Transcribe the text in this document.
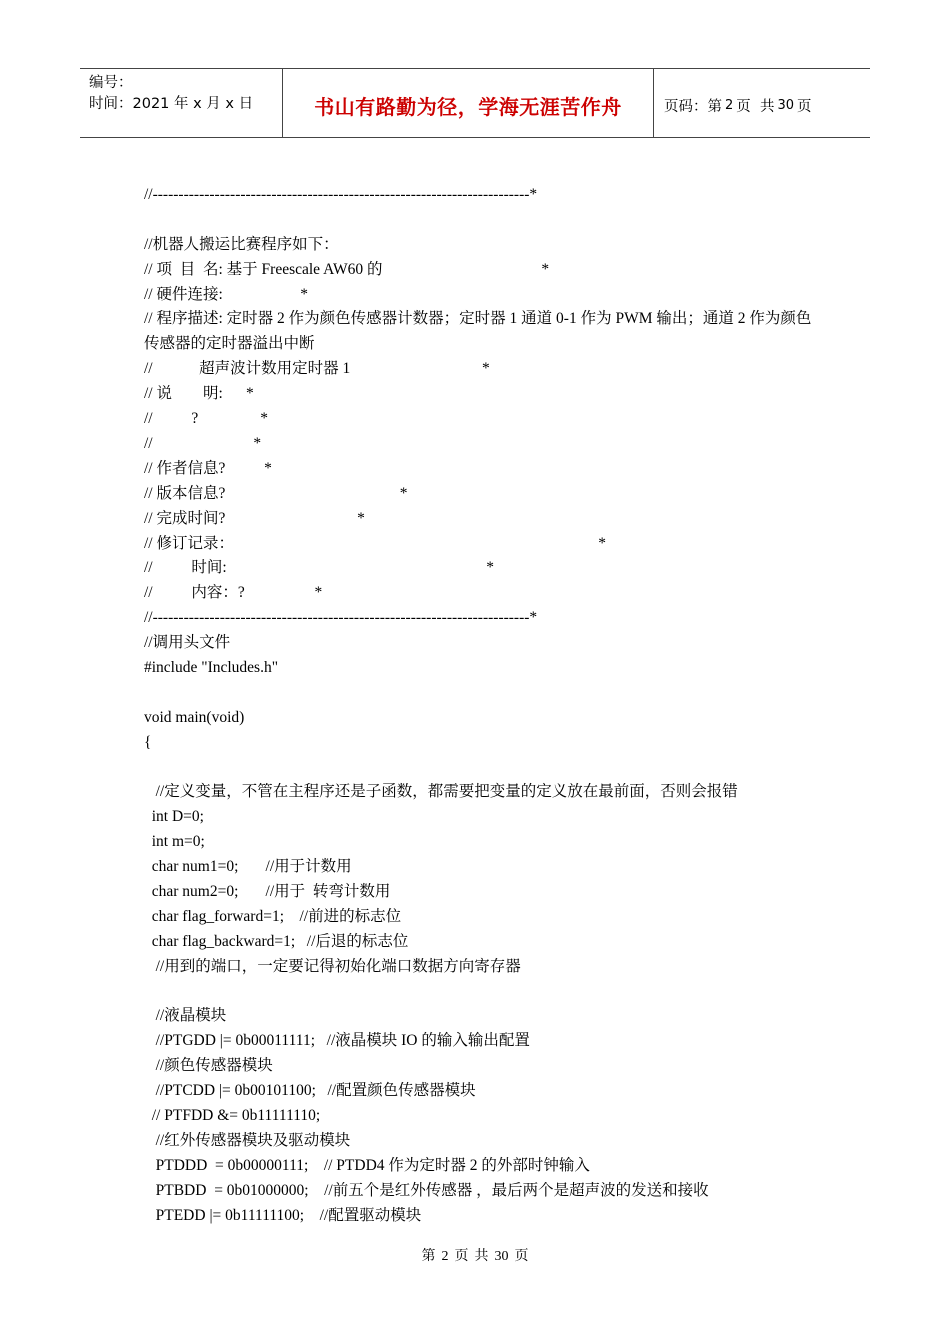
编号：
时间：2021 年 x 月 x 日	书山有路勤为径，学海无涯苦作舟	页码：第 2 页  共 30 页
//-------------------------------------------------------------------------*
//机器人搬运比赛程序如下：
// 项  目  名: 基于 Freescale AW60 的                                         *
// 硬件连接:                    *
// 程序描述: 定时器 2 作为颜色传感器计数器；定时器 1 通道 0-1 作为 PWM 输出；通道 2 作为颜色传感器的定时器溢出中断
//            超声波计数用定时器 1                                  *
// 说        明:      *
//          ?                *
//                          *
// 作者信息?          *
// 版本信息?                                             *
// 完成时间?                                  *
// 修订记录：                                                                                              *
//          时间:                                                                   *
//          内容：?                  *
//-------------------------------------------------------------------------*
//调用头文件
#include "Includes.h"
void main(void)
{
//定义变量，不管在主程序还是子函数，都需要把变量的定义放在最前面，否则会报错
int D=0;
int m=0;
char num1=0;       //用于计数用
char num2=0;       //用于  转弯计数用
char flag_forward=1;    //前进的标志位
char flag_backward=1;   //后退的标志位
//用到的端口，一定要记得初始化端口数据方向寄存器
//液晶模块
//PTGDD |= 0b00011111;   //液晶模块 IO 的输入输出配置
//颜色传感器模块
//PTCDD |= 0b00101100;   //配置颜色传感器模块
// PTFDD &= 0b11111110;
//红外传感器模块及驱动模块
PTDDD  = 0b00000111;    // PTDD4 作为定时器 2 的外部时钟输入
PTBDD  = 0b01000000;    //前五个是红外传感器 ，最后两个是超声波的发送和接收
PTEDD |= 0b11111100;    //配置驱动模块
第 2 页 共 30 页
